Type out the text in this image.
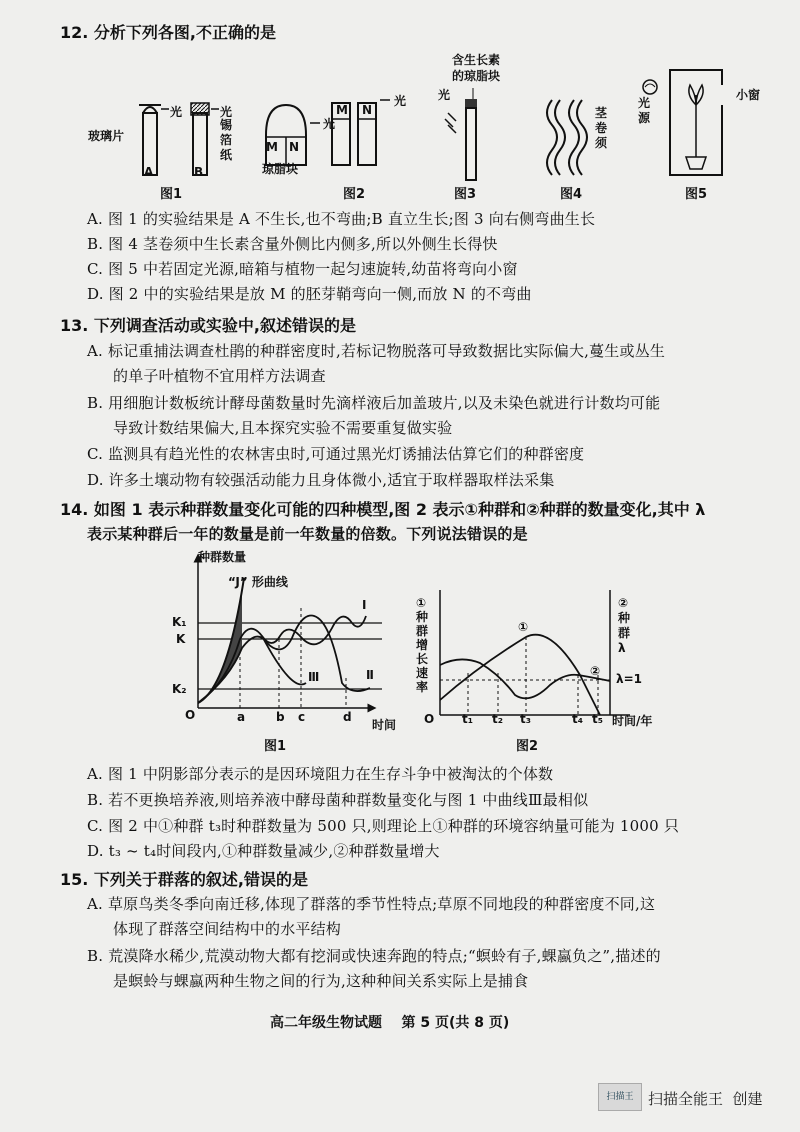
12. 分析下列各图,不正确的是
光	光
玻璃片
锡箔纸
A	B
图1
光
光
M N
M N
琼脂块
图2
含生长素
的琼脂块
光
图3
茎卷须
图4
光源
小窗
图5
A. 图 1 的实验结果是 A 不生长,也不弯曲;B 直立生长;图 3 向右侧弯曲生长
B. 图 4 茎卷须中生长素含量外侧比内侧多,所以外侧生长得快
C. 图 5 中若固定光源,暗箱与植物一起匀速旋转,幼苗将弯向小窗
D. 图 2 中的实验结果是放 M 的胚芽鞘弯向一侧,而放 N 的不弯曲
13. 下列调查活动或实验中,叙述错误的是
A. 标记重捕法调查杜鹃的种群密度时,若标记物脱落可导致数据比实际偏大,蔓生或丛生
的单子叶植物不宜用样方法调查
B. 用细胞计数板统计酵母菌数量时先滴样液后加盖玻片,以及未染色就进行计数均可能
导致计数结果偏大,且本探究实验不需要重复做实验
C. 监测具有趋光性的农林害虫时,可通过黑光灯诱捕法估算它们的种群密度
D. 许多土壤动物有较强活动能力且身体微小,适宜于取样器取样法采集
14. 如图 1 表示种群数量变化可能的四种模型,图 2 表示①种群和②种群的数量变化,其中 λ
表示某种群后一年的数量是前一年数量的倍数。下列说法错误的是
种群数量
“J” 形曲线
K₁
K
K₂
O
I
Ⅱ
Ⅲ
a	b c	d
时间
图1
①
种
群
增
长
速
率
②
种
群
λ
①
②
λ=1
O t₁ t₂ t₃	t₄ t₅ 时间/年
图2
A. 图 1 中阴影部分表示的是因环境阻力在生存斗争中被淘汰的个体数
B. 若不更换培养液,则培养液中酵母菌种群数量变化与图 1 中曲线Ⅲ最相似
C. 图 2 中①种群 t₃时种群数量为 500 只,则理论上①种群的环境容纳量可能为 1000 只
D. t₃ ~ t₄时间段内,①种群数量减少,②种群数量增大
15. 下列关于群落的叙述,错误的是
A. 草原鸟类冬季向南迁移,体现了群落的季节性特点;草原不同地段的种群密度不同,这
体现了群落空间结构中的水平结构
B. 荒漠降水稀少,荒漠动物大都有挖洞或快速奔跑的特点;“螟蛉有子,蜾蠃负之”,描述的
是螟蛉与蜾蠃两种生物之间的行为,这种种间关系实际上是捕食
高二年级生物试题    第 5 页(共 8 页)
扫描王 扫描全能王  创建
